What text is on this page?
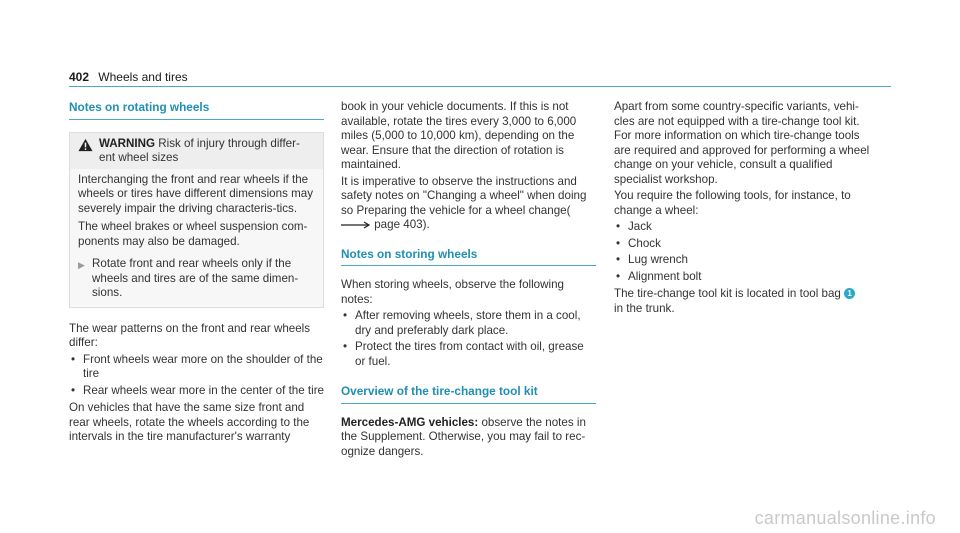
402 Wheels and tires
Notes on rotating wheels
WARNING Risk of injury through differ-ent wheel sizes

Interchanging the front and rear wheels if the wheels or tires have different dimensions may severely impair the driving characteris-tics.

The wheel brakes or wheel suspension com-ponents may also be damaged.

▶ Rotate front and rear wheels only if the wheels and tires are of the same dimen-sions.

The wear patterns on the front and rear wheels differ:

• Front wheels wear more on the shoulder of the tire
• Rear wheels wear more in the center of the tire

On vehicles that have the same size front and rear wheels, rotate the wheels according to the intervals in the tire manufacturer's warranty

book in your vehicle documents. If this is not available, rotate the tires every 3,000 to 6,000 miles (5,000 to 10,000 km), depending on the wear. Ensure that the direction of rotation is maintained.

It is imperative to observe the instructions and safety notes on "Changing a wheel" when doing so Preparing the vehicle for a wheel change( page 403).

Notes on storing wheels

When storing wheels, observe the following notes:

• After removing wheels, store them in a cool, dry and preferably dark place.
• Protect the tires from contact with oil, grease or fuel.
Overview of the tire-change tool kit

Mercedes-AMG vehicles: observe the notes in the Supplement. Otherwise, you may fail to rec-ognize dangers.

Apart from some country-specific variants, vehi-cles are not equipped with a tire-change tool kit. For more information on which tire-change tools are required and approved for performing a wheel change on your vehicle, consult a qualified specialist workshop.

You require the following tools, for instance, to change a wheel:

• Jack
• Chock
• Lug wrench
• Alignment bolt

The tire-change tool kit is located in tool bag 1
in the trunk.

carmanualsonline.info
